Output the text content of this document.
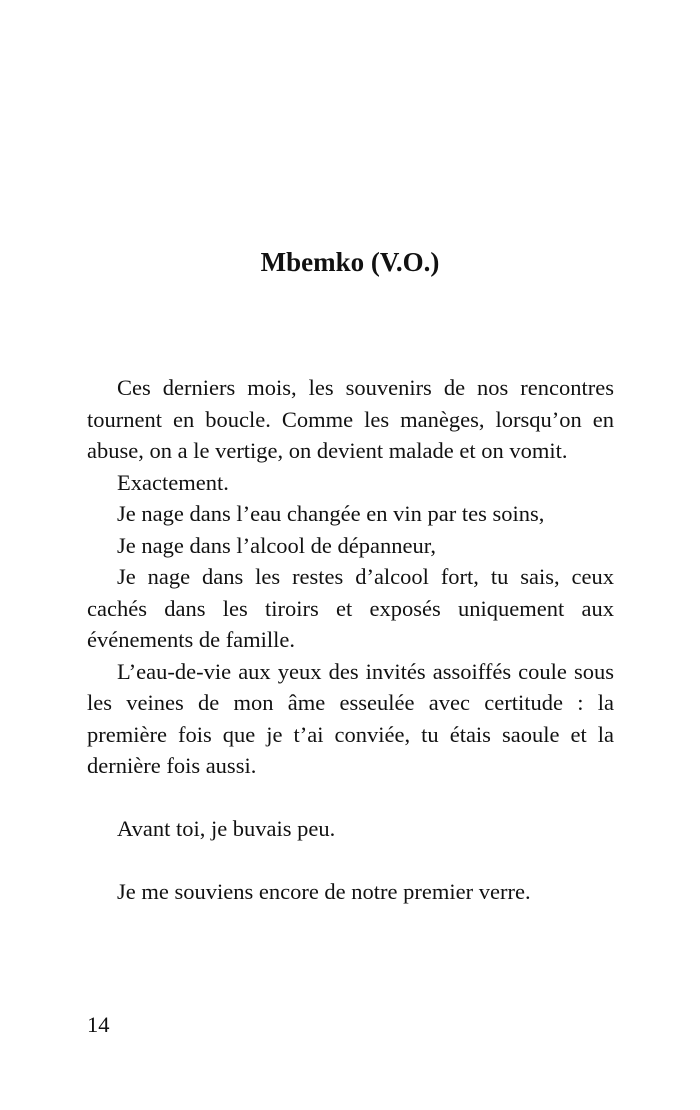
Mbemko (V.O.)

Ces derniers mois, les souvenirs de nos rencontres tournent en boucle. Comme les manèges, lorsqu’on en abuse, on a le vertige, on devient malade et on vomit.

Exactement.

Je nage dans l’eau changée en vin par tes soins,

Je nage dans l’alcool de dépanneur,

Je nage dans les restes d’alcool fort, tu sais, ceux cachés dans les tiroirs et exposés uniquement aux événements de famille.

L’eau-de-vie aux yeux des invités assoiffés coule sous les veines de mon âme esseulée avec certitude : la première fois que je t’ai conviée, tu étais saoule et la dernière fois aussi.

Avant toi, je buvais peu.

Je me souviens encore de notre premier verre.

14
